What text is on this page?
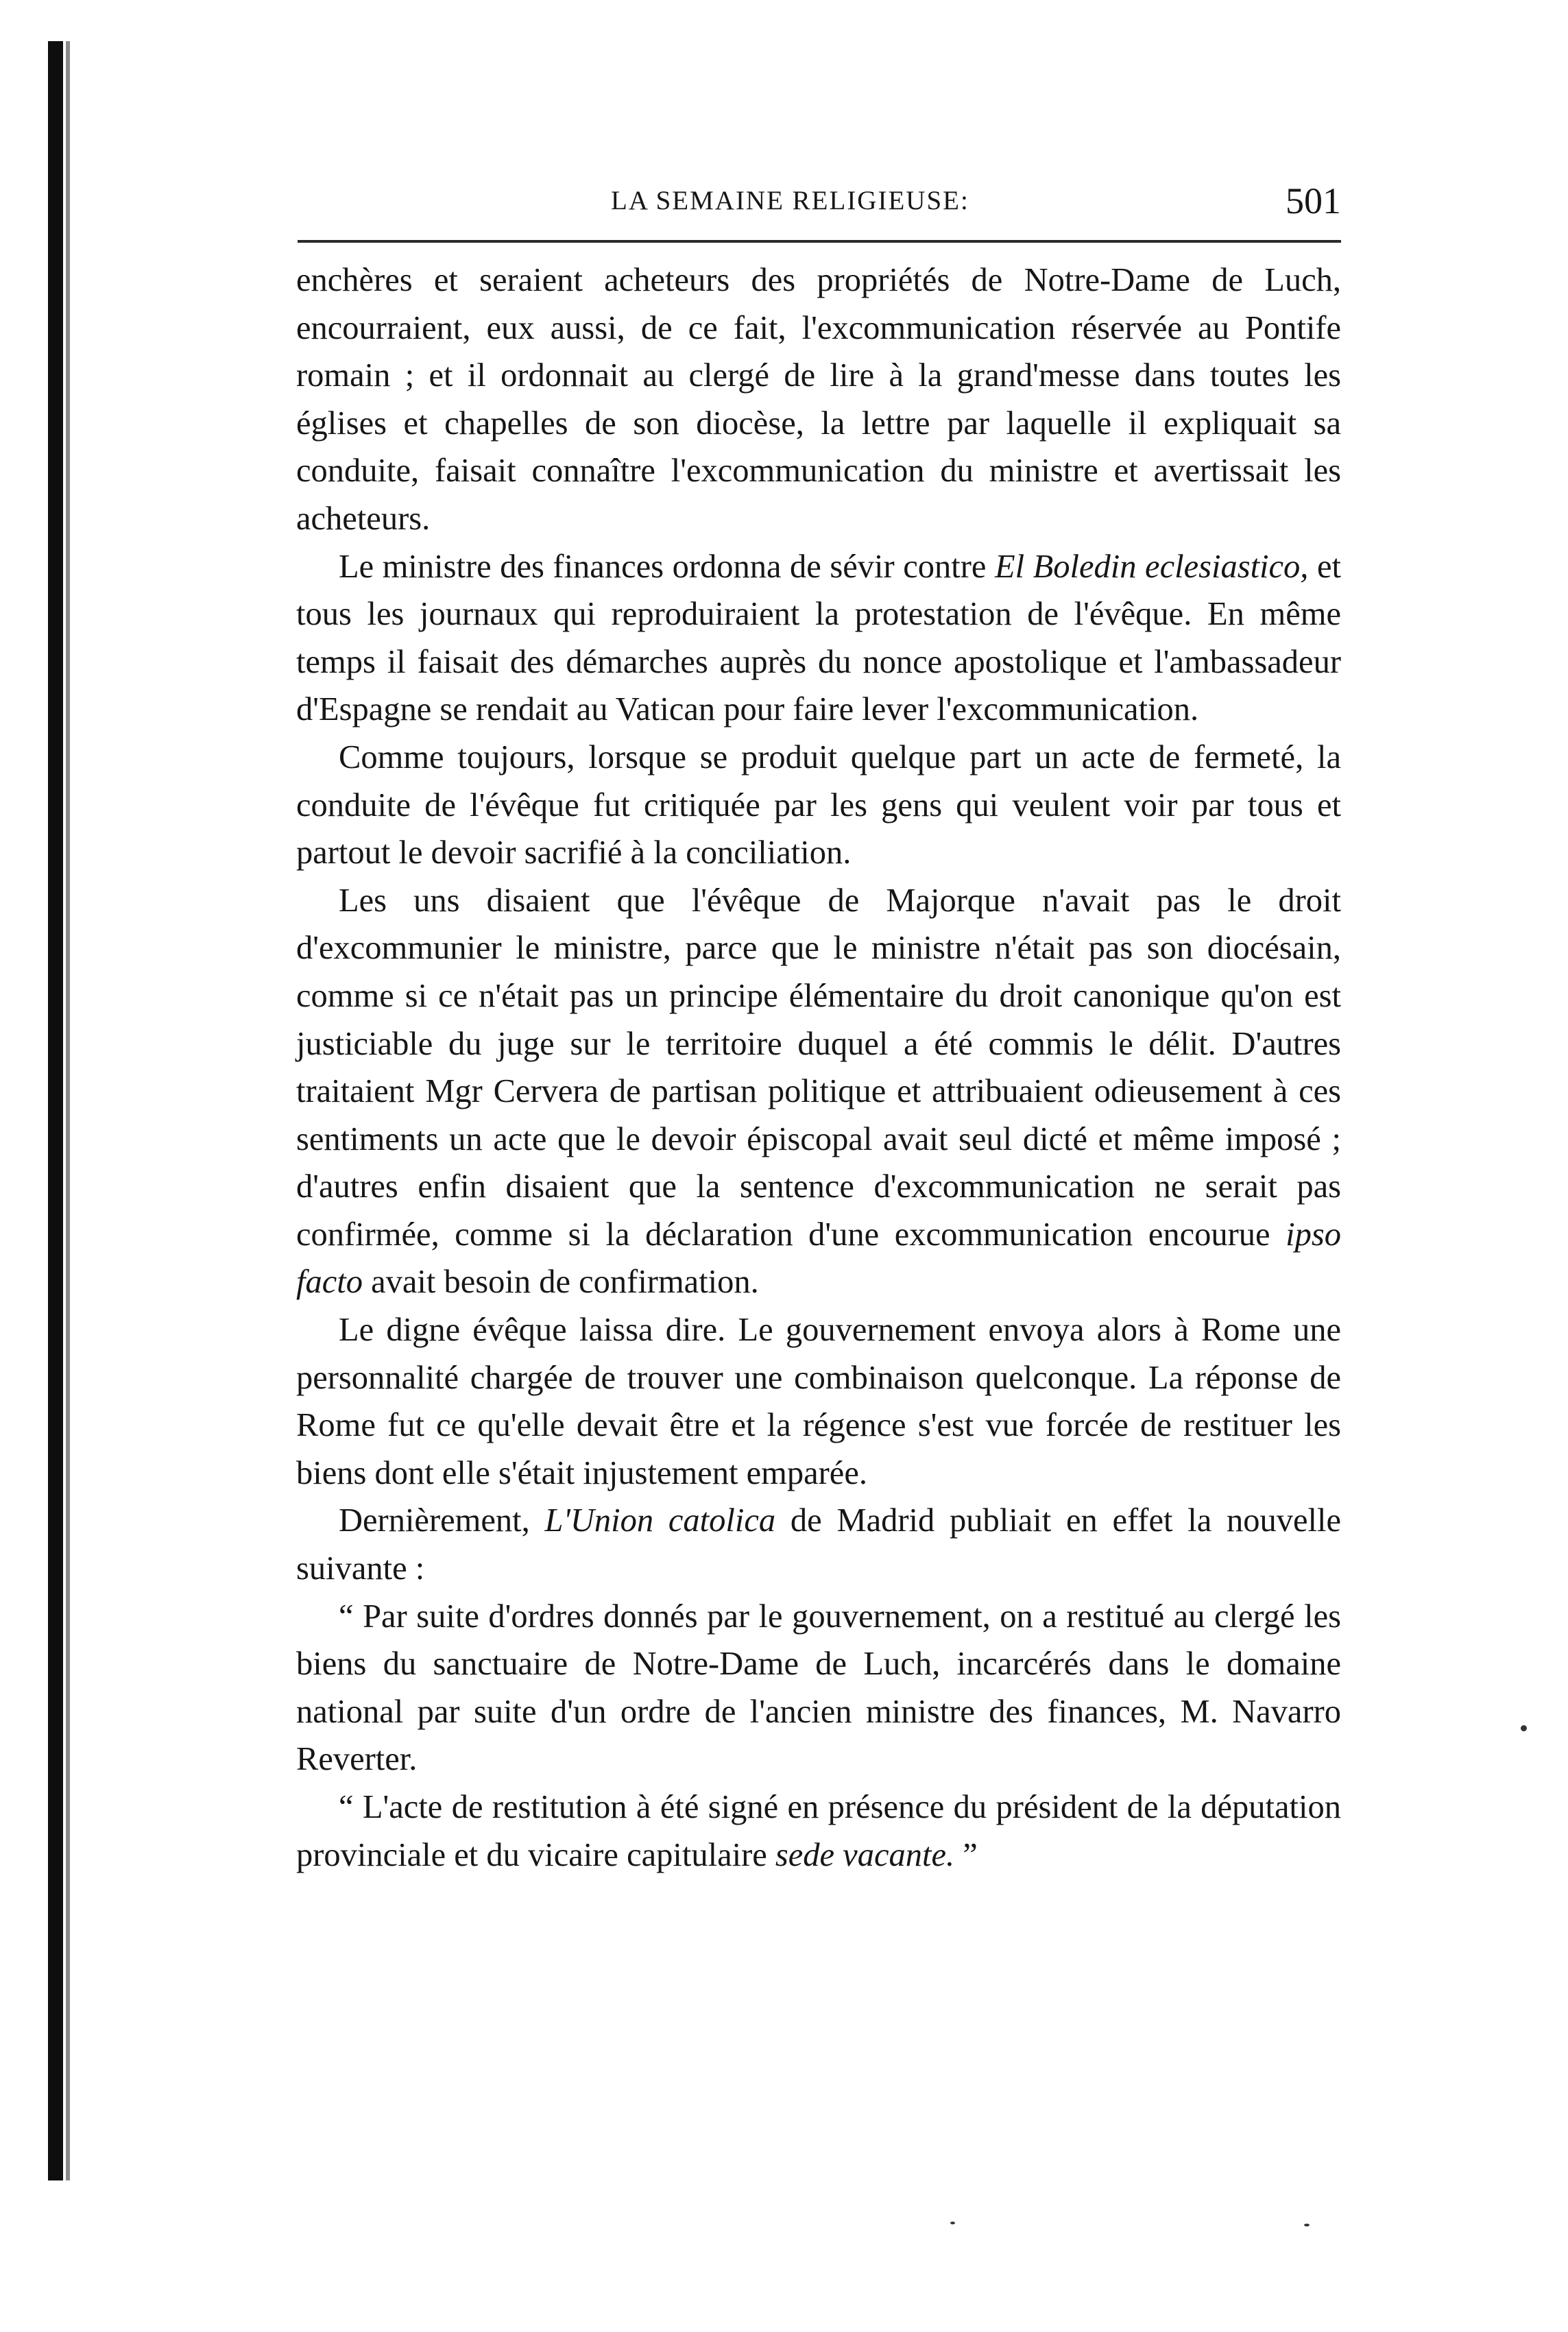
LA SEMAINE RELIGIEUSE:	501

enchères et seraient acheteurs des propriétés de Notre-Dame de Luch, encourraient, eux aussi, de ce fait, l'excommunication réservée au Pontife romain ; et il ordonnait au clergé de lire à la grand'messe dans toutes les églises et chapelles de son diocèse, la lettre par laquelle il expliquait sa conduite, faisait connaître l'excommunication du ministre et avertissait les acheteurs.

Le ministre des finances ordonna de sévir contre El Boledin eclesiastico, et tous les journaux qui reproduiraient la protestation de l'évêque. En même temps il faisait des démarches auprès du nonce apostolique et l'ambassadeur d'Espagne se rendait au Vatican pour faire lever l'excommunication.

Comme toujours, lorsque se produit quelque part un acte de fermeté, la conduite de l'évêque fut critiquée par les gens qui veulent voir par tous et partout le devoir sacrifié à la conciliation.

Les uns disaient que l'évêque de Majorque n'avait pas le droit d'excommunier le ministre, parce que le ministre n'était pas son diocésain, comme si ce n'était pas un principe élémentaire du droit canonique qu'on est justiciable du juge sur le territoire duquel a été commis le délit. D'autres traitaient Mgr Cervera de partisan politique et attribuaient odieusement à ces sentiments un acte que le devoir épiscopal avait seul dicté et même imposé ; d'autres enfin disaient que la sentence d'excommunication ne serait pas confirmée, comme si la déclaration d'une excommunication encourue ipso facto avait besoin de confirmation.

Le digne évêque laissa dire. Le gouvernement envoya alors à Rome une personnalité chargée de trouver une combinaison quelconque. La réponse de Rome fut ce qu'elle devait être et la régence s'est vue forcée de restituer les biens dont elle s'était injustement emparée.

Dernièrement, L'Union catolica de Madrid publiait en effet la nouvelle suivante :

“ Par suite d'ordres donnés par le gouvernement, on a restitué au clergé les biens du sanctuaire de Notre-Dame de Luch, incarcérés dans le domaine national par suite d'un ordre de l'ancien ministre des finances, M. Navarro Reverter.

“ L'acte de restitution à été signé en présence du président de la députation provinciale et du vicaire capitulaire sede vacante. ”
